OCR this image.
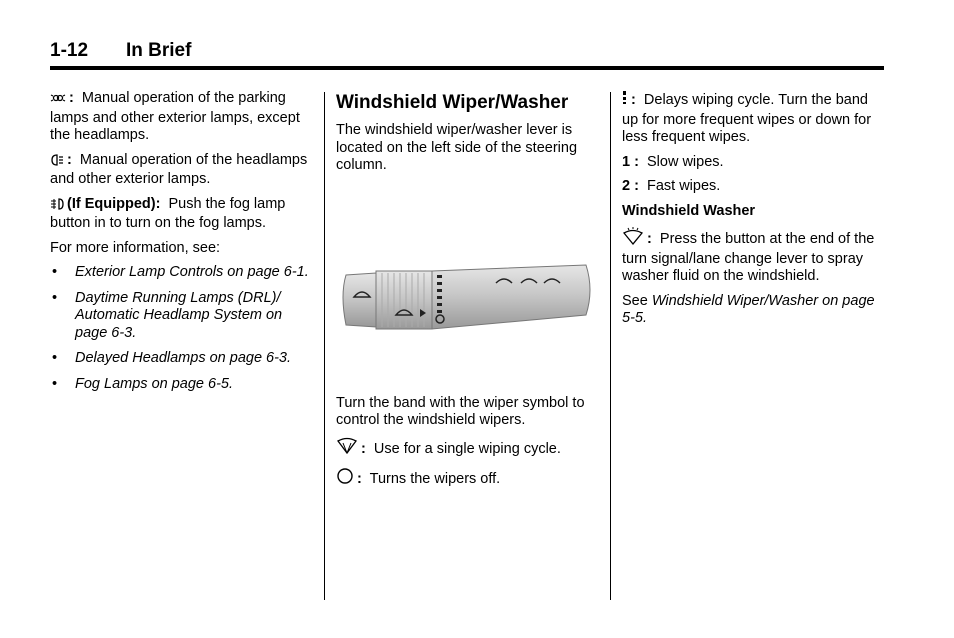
1-12 In Brief

: Manual operation of the parking lamps and other exterior lamps, except the headlamps.

: Manual operation of the headlamps and other exterior lamps.

(If Equipped): Push the fog lamp button in to turn on the fog lamps.

For more information, see:

• Exterior Lamp Controls on page 6-1.
• Daytime Running Lamps (DRL)/ Automatic Headlamp System on page 6-3.
• Delayed Headlamps on page 6-3.
• Fog Lamps on page 6-5.
Windshield Wiper/Washer

The windshield wiper/washer lever is located on the left side of the steering column.

Turn the band with the wiper symbol to control the windshield wipers.

: Use for a single wiping cycle.

: Turns the wipers off.

: Delays wiping cycle. Turn the band up for more frequent wipes or down for less frequent wipes.

1 : Slow wipes.

2 : Fast wipes.

Windshield Washer

: Press the button at the end of the turn signal/lane change lever to spray washer fluid on the windshield.

See Windshield Wiper/Washer on page 5-5.
